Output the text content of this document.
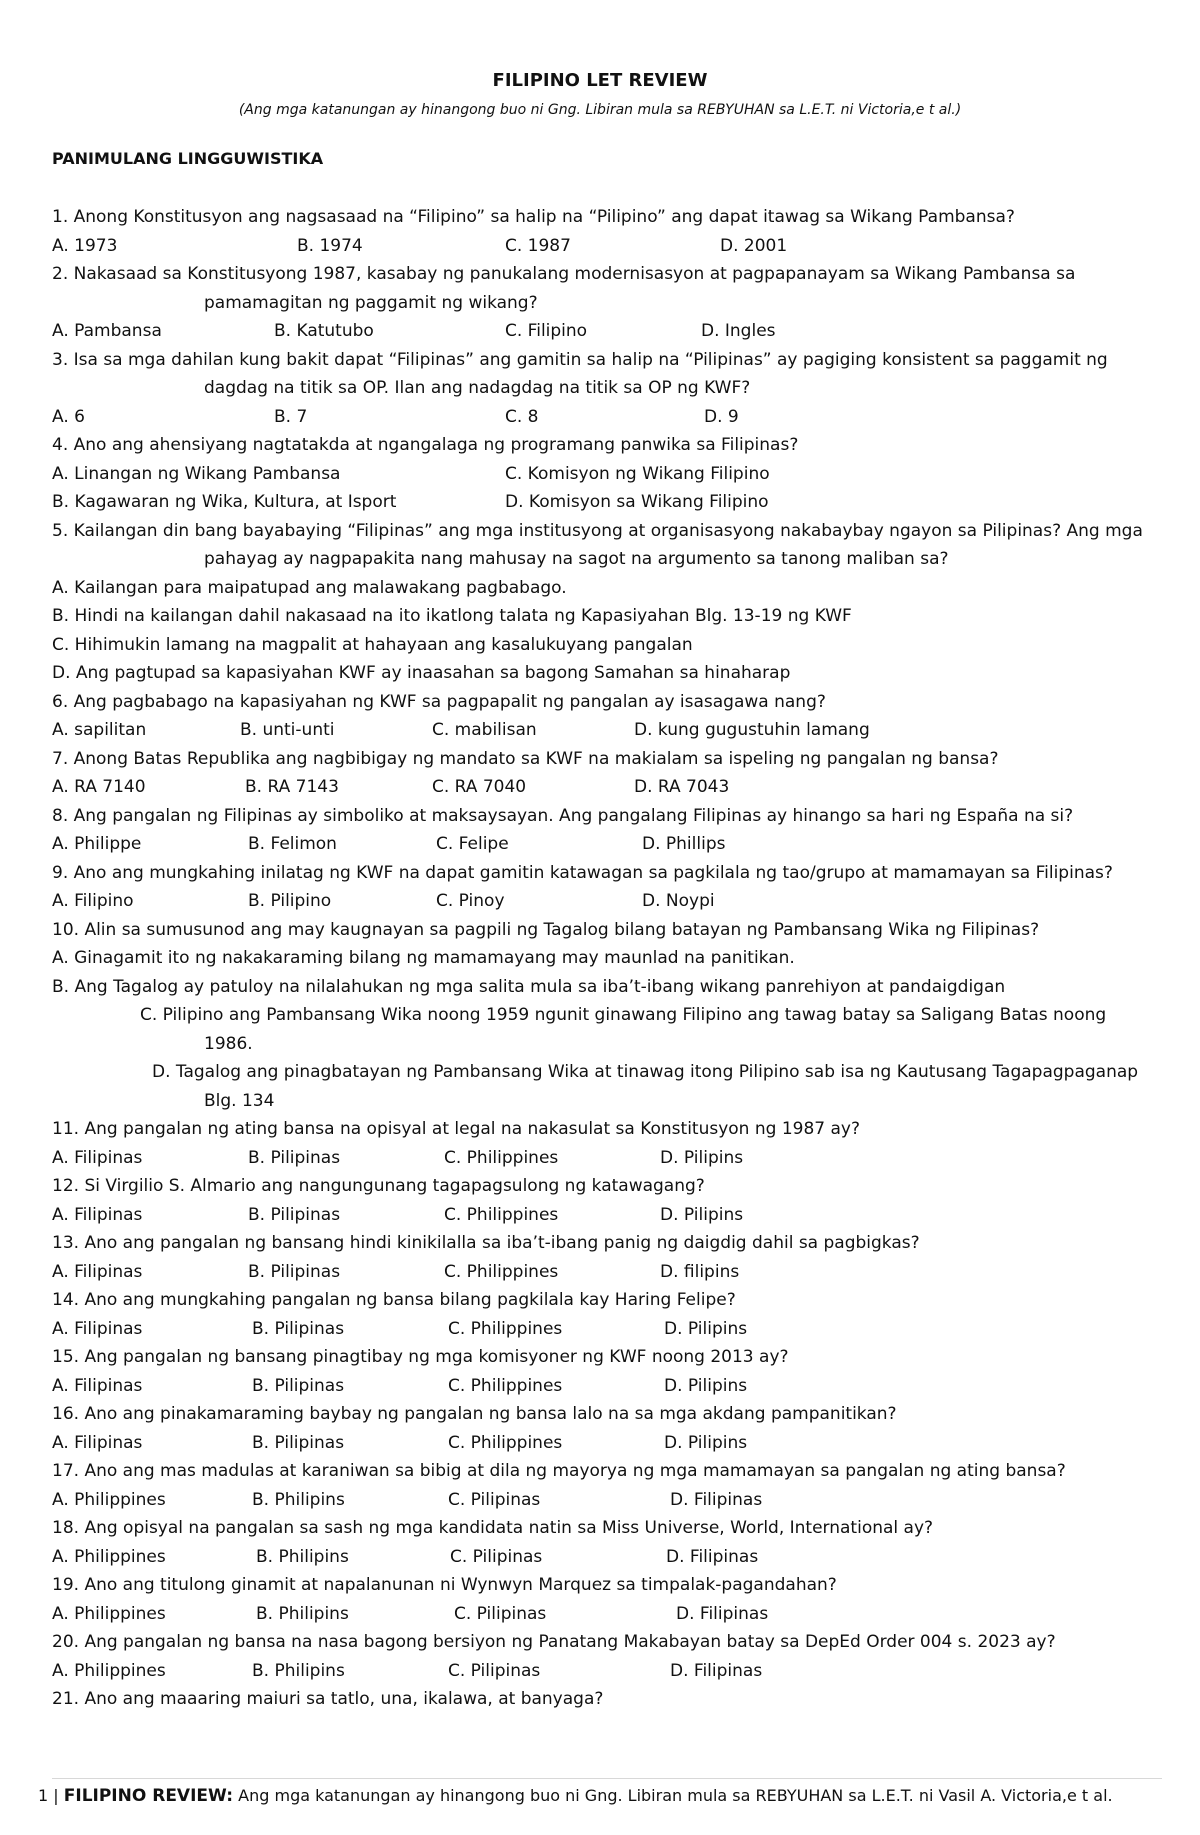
FILIPINO LET REVIEW
(Ang mga katanungan ay hinangong buo ni Gng. Libiran mula sa REBYUHAN sa L.E.T. ni Victoria,e t al.)
PANIMULANG LINGGUWISTIKA
1. Anong Konstitusyon ang nagsasaad na “Filipino” sa halip na “Pilipino” ang dapat itawag sa Wikang Pambansa?
A. 1973	B. 1974	C. 1987	D. 2001
2. Nakasaad sa Konstitusyong 1987, kasabay ng panukalang modernisasyon at pagpapanayam sa Wikang Pambansa sa
pamamagitan ng paggamit ng wikang?
A. Pambansa	B. Katutubo	C. Filipino	D. Ingles
3. Isa sa mga dahilan kung bakit dapat “Filipinas” ang gamitin sa halip na “Pilipinas” ay pagiging konsistent sa paggamit ng
dagdag na titik sa OP. Ilan ang nadagdag na titik sa OP ng KWF?
A. 6	B. 7	C. 8	D. 9
4. Ano ang ahensiyang nagtatakda at ngangalaga ng programang panwika sa Filipinas?
A. Linangan ng Wikang Pambansa	C. Komisyon ng Wikang Filipino
B. Kagawaran ng Wika, Kultura, at Isport	D. Komisyon sa Wikang Filipino
5. Kailangan din bang bayabaying “Filipinas” ang mga institusyong at organisasyong nakabaybay ngayon sa Pilipinas? Ang mga
pahayag ay nagpapakita nang mahusay na sagot na argumento sa tanong maliban sa?
A. Kailangan para maipatupad ang malawakang pagbabago.
B. Hindi na kailangan dahil nakasaad na ito ikatlong talata ng Kapasiyahan Blg. 13-19 ng KWF
C. Hihimukin lamang na magpalit at hahayaan ang kasalukuyang pangalan
D. Ang pagtupad sa kapasiyahan KWF ay inaasahan sa bagong Samahan sa hinaharap
6. Ang pagbabago na kapasiyahan ng KWF sa pagpapalit ng pangalan ay isasagawa nang?
A. sapilitan	B. unti-unti	C. mabilisan	D. kung gugustuhin lamang
7. Anong Batas Republika ang nagbibigay ng mandato sa KWF na makialam sa ispeling ng pangalan ng bansa?
A. RA 7140	B. RA 7143	C. RA 7040	D. RA 7043
8. Ang pangalan ng Filipinas ay simboliko at maksaysayan. Ang pangalang Filipinas ay hinango sa hari ng España na si?
A. Philippe	B. Felimon	C. Felipe	D. Phillips
9. Ano ang mungkahing inilatag ng KWF na dapat gamitin katawagan sa pagkilala ng tao/grupo at mamamayan sa Filipinas?
A. Filipino	B. Pilipino	C. Pinoy	D. Noypi
10. Alin sa sumusunod ang may kaugnayan sa pagpili ng Tagalog bilang batayan ng Pambansang Wika ng Filipinas?
A. Ginagamit ito ng nakakaraming bilang ng mamamayang may maunlad na panitikan.
B. Ang Tagalog ay patuloy na nilalahukan ng mga salita mula sa iba’t-ibang wikang panrehiyon at pandaigdigan
C. Pilipino ang Pambansang Wika noong 1959 ngunit ginawang Filipino ang tawag batay sa Saligang Batas noong
1986.
D. Tagalog ang pinagbatayan ng Pambansang Wika at tinawag itong Pilipino sab isa ng Kautusang Tagapagpaganap
Blg. 134
11. Ang pangalan ng ating bansa na opisyal at legal na nakasulat sa Konstitusyon ng 1987 ay?
A. Filipinas	B. Pilipinas	C. Philippines	D. Pilipins
12. Si Virgilio S. Almario ang nangungunang tagapagsulong ng katawagang?
A. Filipinas	B. Pilipinas	C. Philippines	D. Pilipins
13. Ano ang pangalan ng bansang hindi kinikilalla sa iba’t-ibang panig ng daigdig dahil sa pagbigkas?
A. Filipinas	B. Pilipinas	C. Philippines	D. filipins
14. Ano ang mungkahing pangalan ng bansa bilang pagkilala kay Haring Felipe?
A. Filipinas	B. Pilipinas	C. Philippines	D. Pilipins
15. Ang pangalan ng bansang pinagtibay ng mga komisyoner ng KWF noong 2013 ay?
A. Filipinas	B. Pilipinas	C. Philippines	D. Pilipins
16. Ano ang pinakamaraming baybay ng pangalan ng bansa lalo na sa mga akdang pampanitikan?
A. Filipinas	B. Pilipinas	C. Philippines	D. Pilipins
17. Ano ang mas madulas at karaniwan sa bibig at dila ng mayorya ng mga mamamayan sa pangalan ng ating bansa?
A. Philippines	B. Philipins	C. Pilipinas	D. Filipinas
18. Ang opisyal na pangalan sa sash ng mga kandidata natin sa Miss Universe, World, International ay?
A. Philippines	B. Philipins	C. Pilipinas	D. Filipinas
19. Ano ang titulong ginamit at napalanunan ni Wynwyn Marquez sa timpalak-pagandahan?
A. Philippines	B. Philipins	C. Pilipinas	D. Filipinas
20. Ang pangalan ng bansa na nasa bagong bersiyon ng Panatang Makabayan batay sa DepEd Order 004 s. 2023 ay?
A. Philippines	B. Philipins	C. Pilipinas	D. Filipinas
21. Ano ang maaaring maiuri sa tatlo, una, ikalawa, at banyaga?
1 | FILIPINO REVIEW: Ang mga katanungan ay hinangong buo ni Gng. Libiran mula sa REBYUHAN sa L.E.T. ni Vasil A. Victoria,e t al.
